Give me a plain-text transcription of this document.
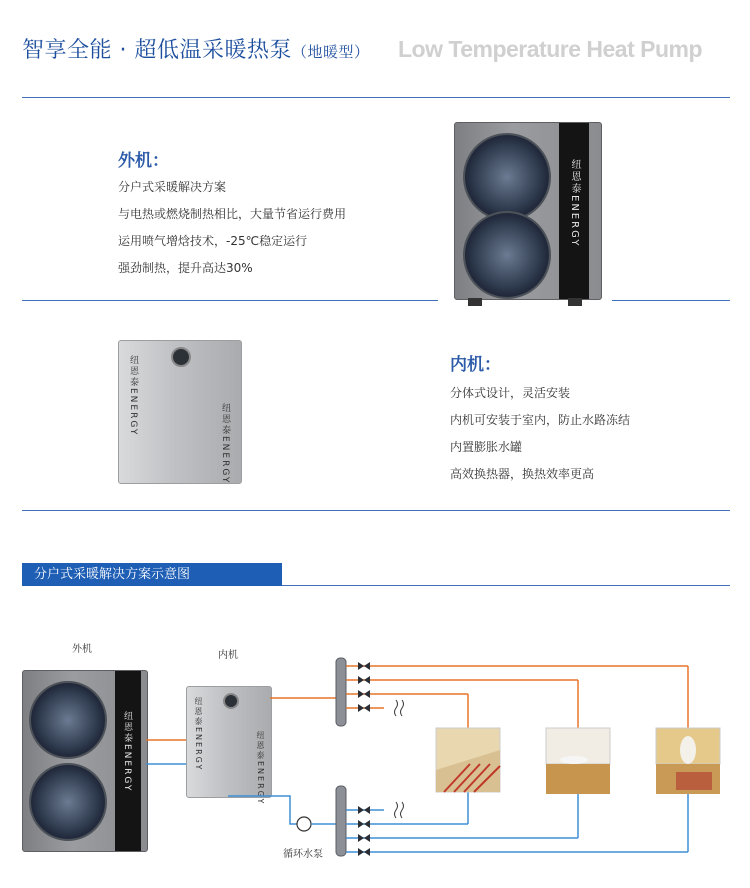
智享全能 · 超低温采暖热泵（地暖型） Low Temperature Heat Pump
外机：
分户式采暖解决方案
与电热或燃烧制热相比，大量节省运行费用
运用喷气增焓技术，-25℃稳定运行
强劲制热，提升高达30%
纽恩泰ENERGY
纽恩泰ENERGY
纽恩泰ENERGY
内机：
分体式设计，灵活安装
内机可安装于室内，防止水路冻结
内置膨胀水罐
高效换热器，换热效率更高
分户式采暖解决方案示意图
外机
内机
循环水泵
纽恩泰ENERGY	纽恩泰ENERGY	纽恩泰ENERGY
